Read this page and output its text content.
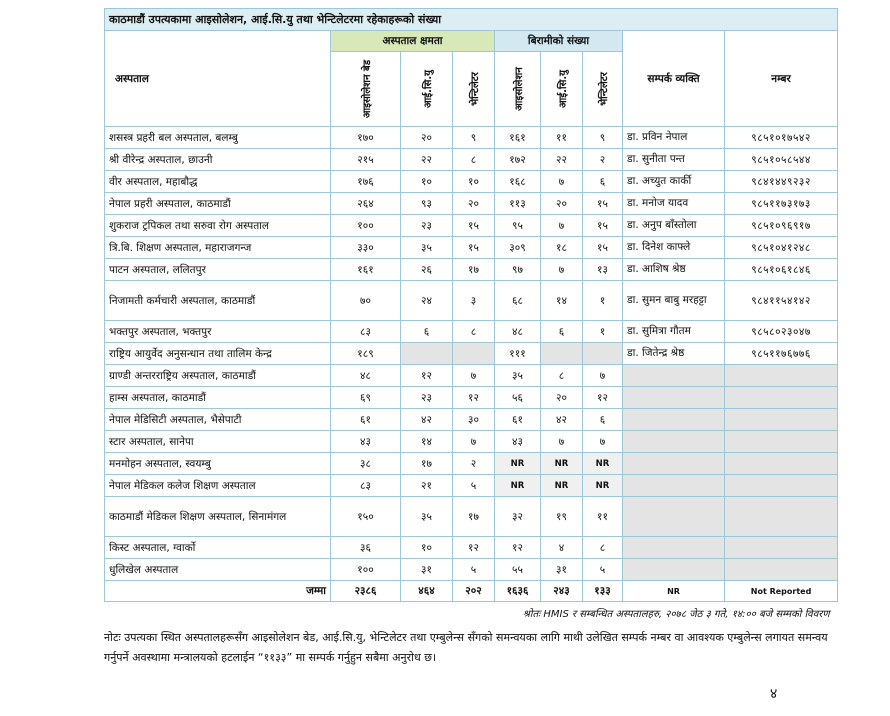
काठमाडौं उपत्यकामा आइसोलेशन, आई.सि.यु तथा भेन्टिलेटरमा रहेकाहरूको संख्या								
अस्पताल	अस्पताल क्षमता			बिरामीको संख्या			सम्पर्क व्यक्ति	नम्बर

	आइसोलेशन बेड	आई.सि.यु	भेन्टिलेटर	आइसोलेशन	आई.सि.यु	भेन्टिलेटर		

शसस्त्र प्रहरी बल अस्पताल, बलम्बु	१७०	२०	९	१६१	११	९	डा. प्रविन नेपाल	९८५१०१७५४२
श्री वीरेन्द्र अस्पताल, छाउनी	२१५	२२	८	१७२	२२	२	डा. सुनीता पन्त	९८५१०५८५४४
वीर अस्पताल, महाबौद्ध	१७६	१०	१०	१६८	७	६	डा. अच्युत कार्की	९८४१४४९२३२
नेपाल प्रहरी अस्पताल, काठमाडौं	२६४	९३	२०	११३	२०	१५	डा. मनोज यादव	९८५११७३१७३
शुकराज ट्रपिकल तथा सरुवा रोग अस्पताल	१००	२३	१५	९५	७	१५	डा. अनुप बाँस्तोला	९८५१०९६९१७
त्रि.बि. शिक्षण अस्पताल, महाराजगन्ज	३३०	३५	१५	३०९	१८	१५	डा. दिनेश काफ्ले	९८५१०४१२४८
पाटन अस्पताल, ललितपुर	१६१	२६	१७	९७	७	१३	डा. आशिष श्रेष्ठ	९८५१०६१८४६
निजामती कर्मचारी अस्पताल, काठमाडौं	७०	२४	३	६८	१४	१	डा. सुमन बाबु मरहट्टा	९८४११५४१४२
भक्तपुर अस्पताल, भक्तपुर	८३	६	८	४८	६	१	डा. सुमित्रा गौतम	९८५८०२३०४७
राष्ट्रिय आयुर्वेद अनुसन्धान तथा तालिम केन्द्र	१८९			१११			डा. जितेन्द्र श्रेष्ठ	९८५११७६७७६
ग्राण्डी अन्तरराष्ट्रिय अस्पताल, काठमाडौं	४८	१२	७	३५	८	७		
हाम्स अस्पताल, काठमाडौं	६९	२३	१२	५६	२०	१२		
नेपाल मेडिसिटी अस्पताल, भैसेपाटी	६१	४२	३०	६१	४२	६		
स्टार अस्पताल, सानेपा	४३	१४	७	४३	७	७		
मनमोहन अस्पताल, स्वयम्बु	३८	१७	२	NR	NR	NR		
नेपाल मेडिकल कलेज शिक्षण अस्पताल	८३	२१	५	NR	NR	NR		
काठमाडौं मेडिकल शिक्षण अस्पताल, सिनामंगल	१५०	३५	१७	३२	१९	११		
किस्ट अस्पताल, ग्वार्को	३६	१०	१२	१२	४	८		
धुलिखेल अस्पताल	१००	३१	५	५५	३१	५		
जम्मा	२३८६	४६४	२०२	१६३६	२४३	१३३	NR	Not Reported
श्रोतः HMIS र सम्बन्धित अस्पतालहरु, २०७८ जेठ ३ गते, १४:०० बजे सम्मको विवरण								
नोटः उपत्यका स्थित अस्पतालहरूसँग आइसोलेशन बेड, आई.सि.यु, भेन्टिलेटर तथा एम्बुलेन्स सँगको समन्वयका लागि माथी उलेखित सम्पर्क नम्बर वा आवश्यक एम्बुलेन्स लगायत समन्वय गर्नुपर्ने अवस्थामा मन्त्रालयको हटलाईन “११३३” मा सम्पर्क गर्नुहुन सबैमा अनुरोध छ।
४
